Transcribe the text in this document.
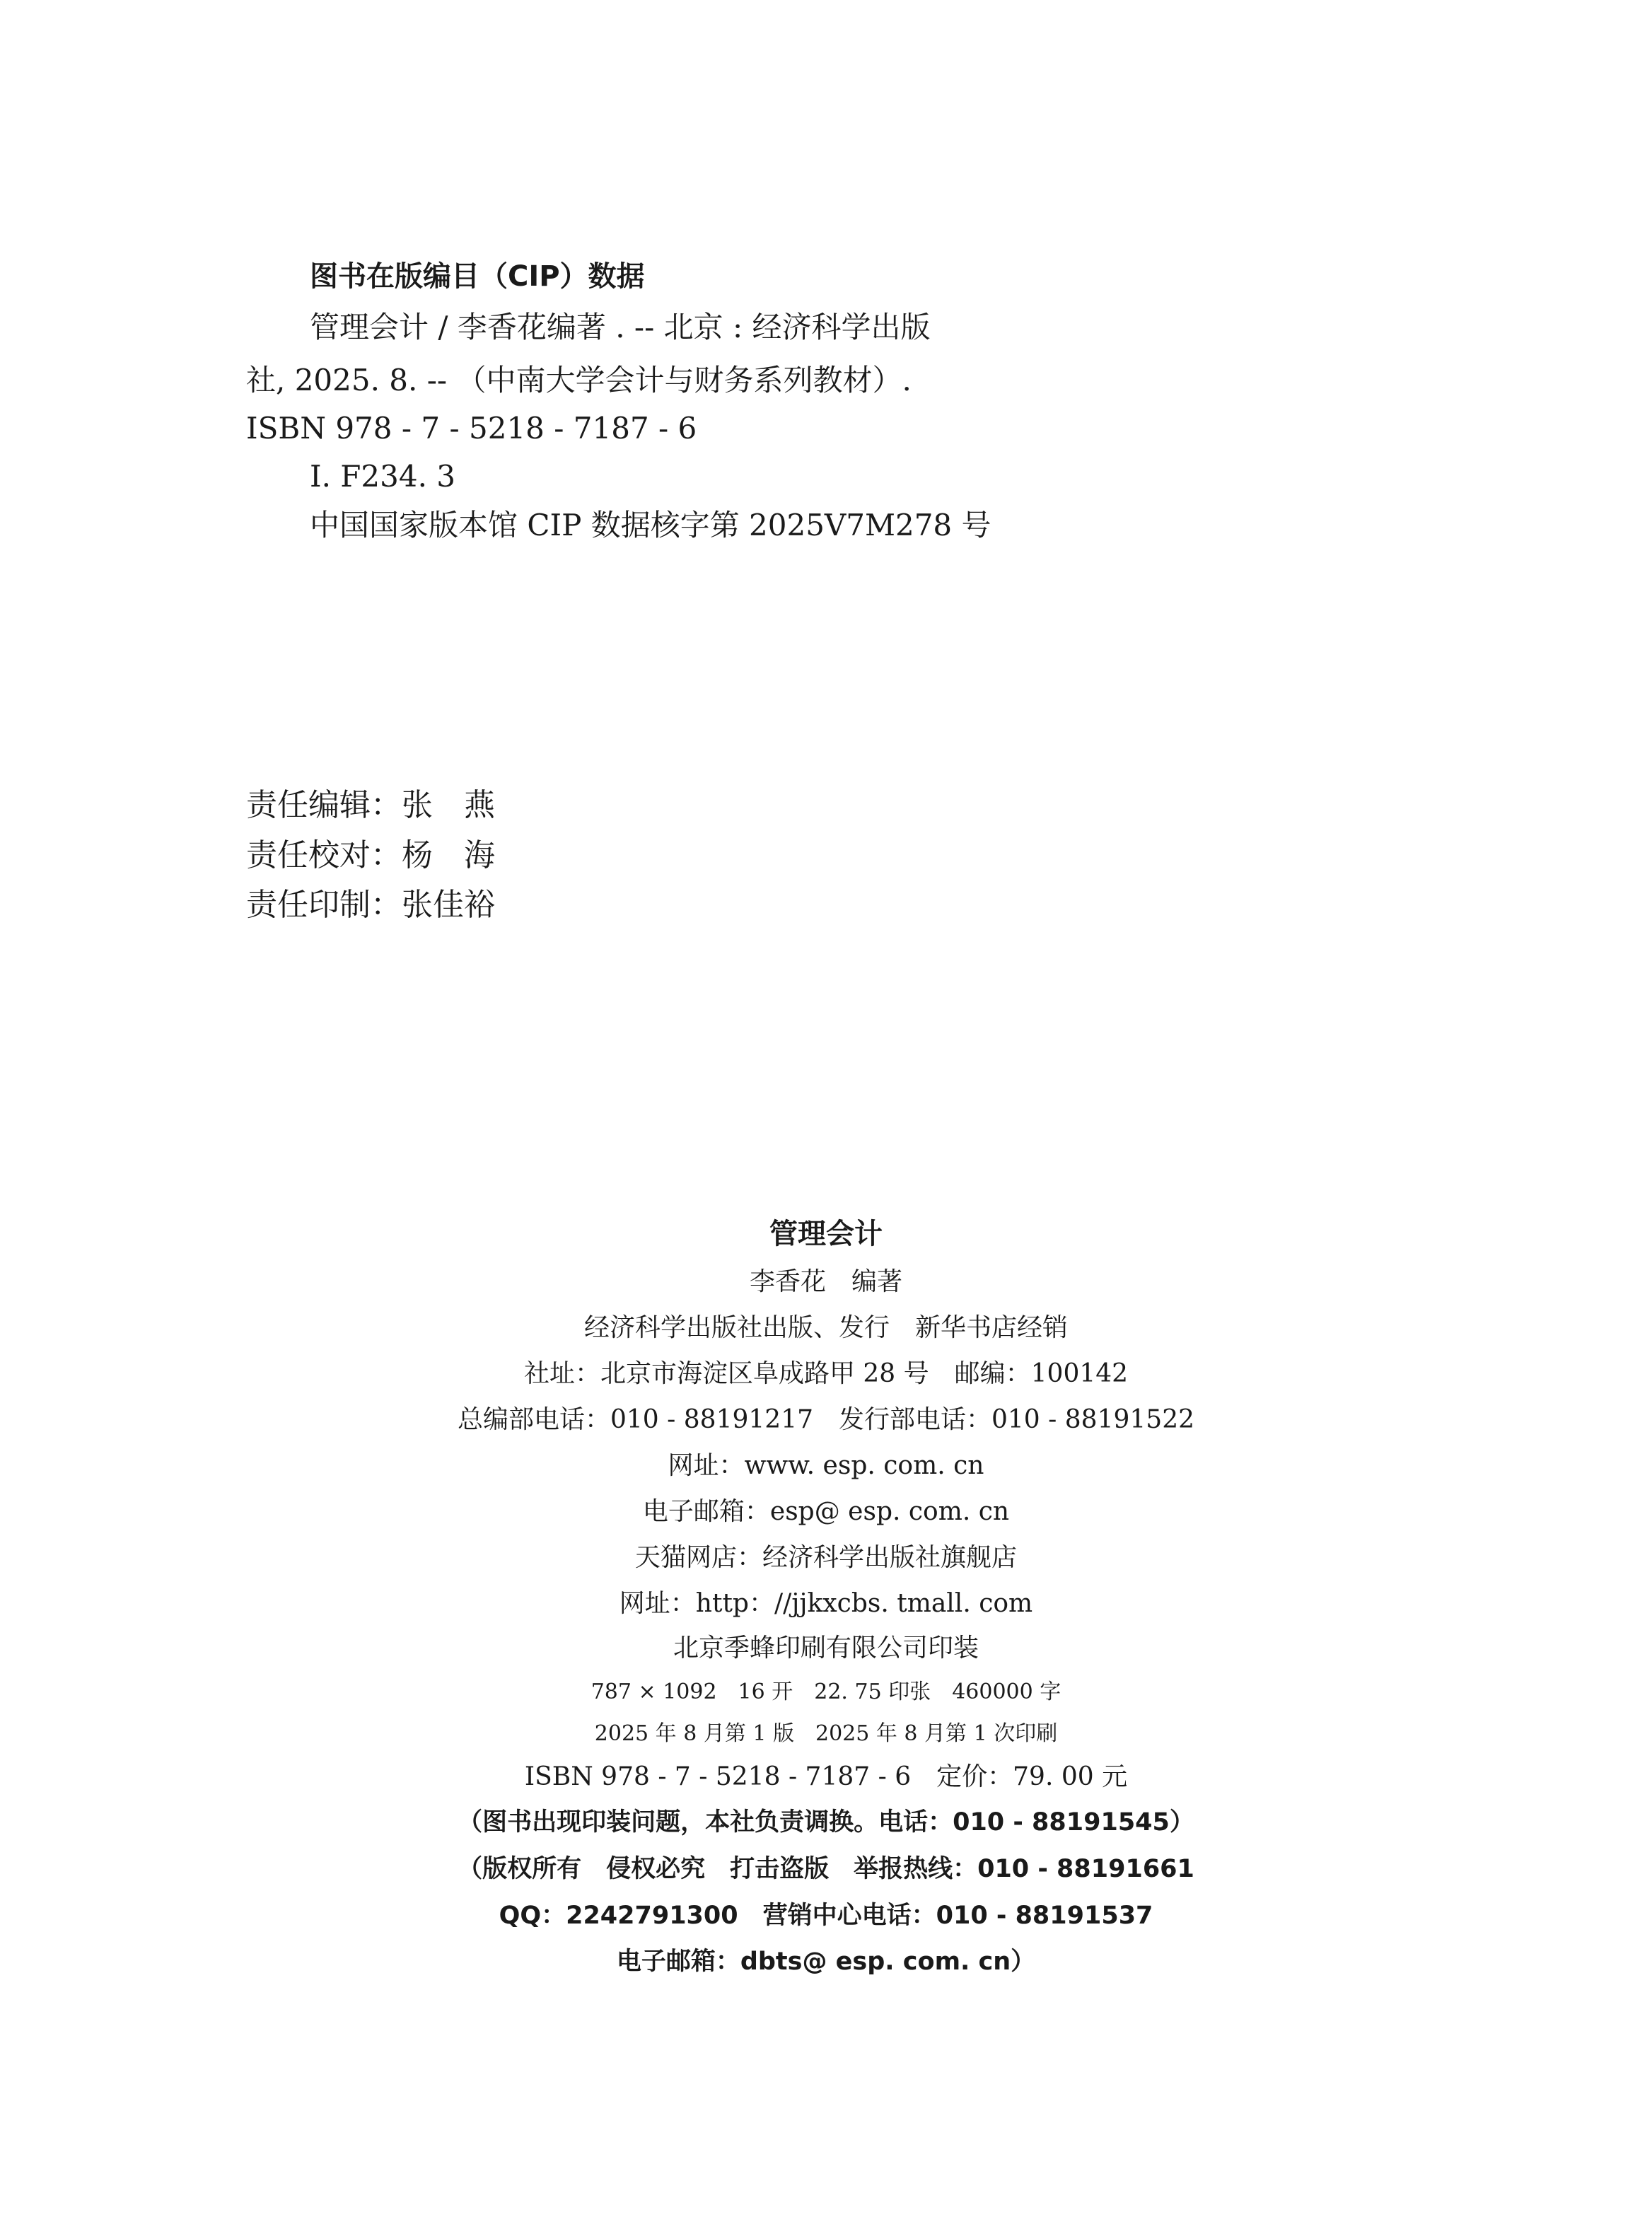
图书在版编目（CIP）数据
管理会计 / 李香花编著 . -- 北京 : 经济科学出版
社, 2025. 8. -- （中南大学会计与财务系列教材）.
ISBN 978 - 7 - 5218 - 7187 - 6
Ⅰ. F234. 3
中国国家版本馆 CIP 数据核字第 2025V7M278 号
责任编辑：张　燕
责任校对：杨　海
责任印制：张佳裕
管理会计
李香花　编著
经济科学出版社出版、发行　新华书店经销
社址：北京市海淀区阜成路甲 28 号　邮编：100142
总编部电话：010 - 88191217　发行部电话：010 - 88191522
网址：www. esp. com. cn
电子邮箱：esp@ esp. com. cn
天猫网店：经济科学出版社旗舰店
网址：http：//jjkxcbs. tmall. com
北京季蜂印刷有限公司印装
787 × 1092　16 开　22. 75 印张　460000 字
2025 年 8 月第 1 版　2025 年 8 月第 1 次印刷
ISBN 978 - 7 - 5218 - 7187 - 6　定价：79. 00 元
（图书出现印装问题，本社负责调换。电话：010 - 88191545）
（版权所有　侵权必究　打击盗版　举报热线：010 - 88191661
QQ：2242791300　营销中心电话：010 - 88191537
电子邮箱：dbts@ esp. com. cn）
